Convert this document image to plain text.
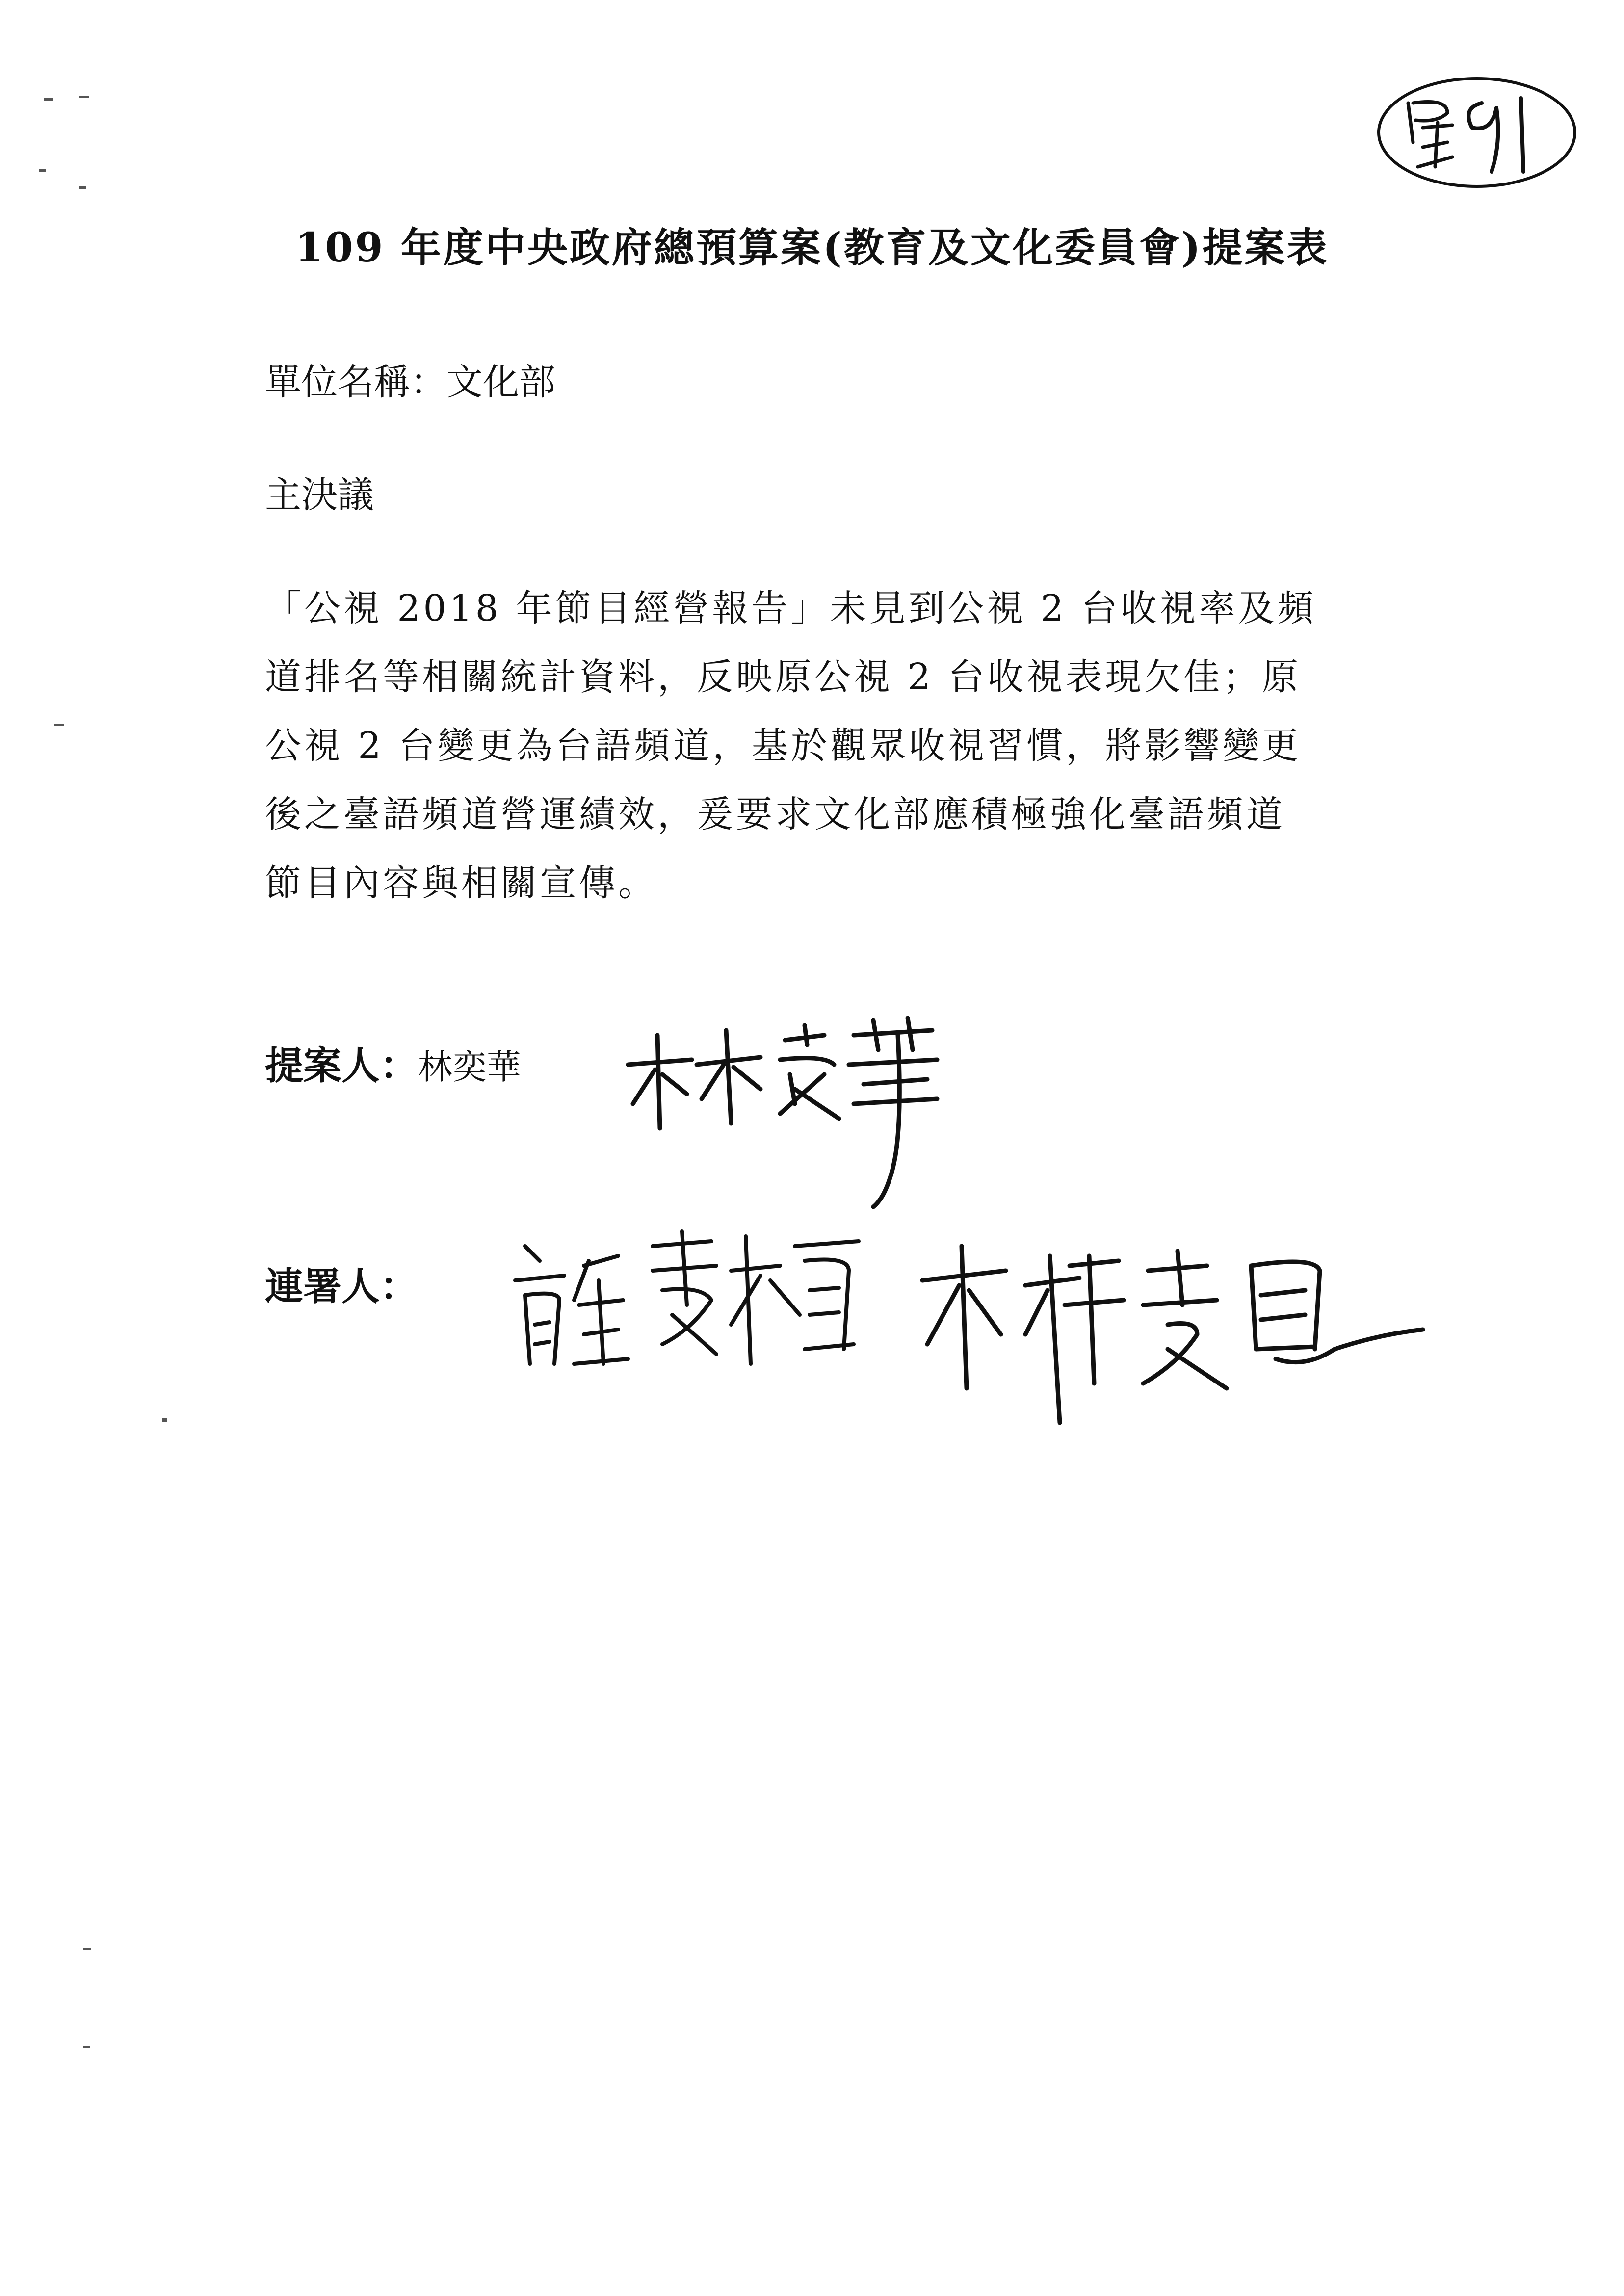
109 年度中央政府總預算案(教育及文化委員會)提案表
單位名稱：文化部
主決議
「公視 2018 年節目經營報告」未見到公視 2 台收視率及頻
道排名等相關統計資料，反映原公視 2 台收視表現欠佳；原
公視 2 台變更為台語頻道，基於觀眾收視習慣，將影響變更
後之臺語頻道營運績效，爰要求文化部應積極強化臺語頻道
節目內容與相關宣傳。
提案人：林奕華
連署人：
